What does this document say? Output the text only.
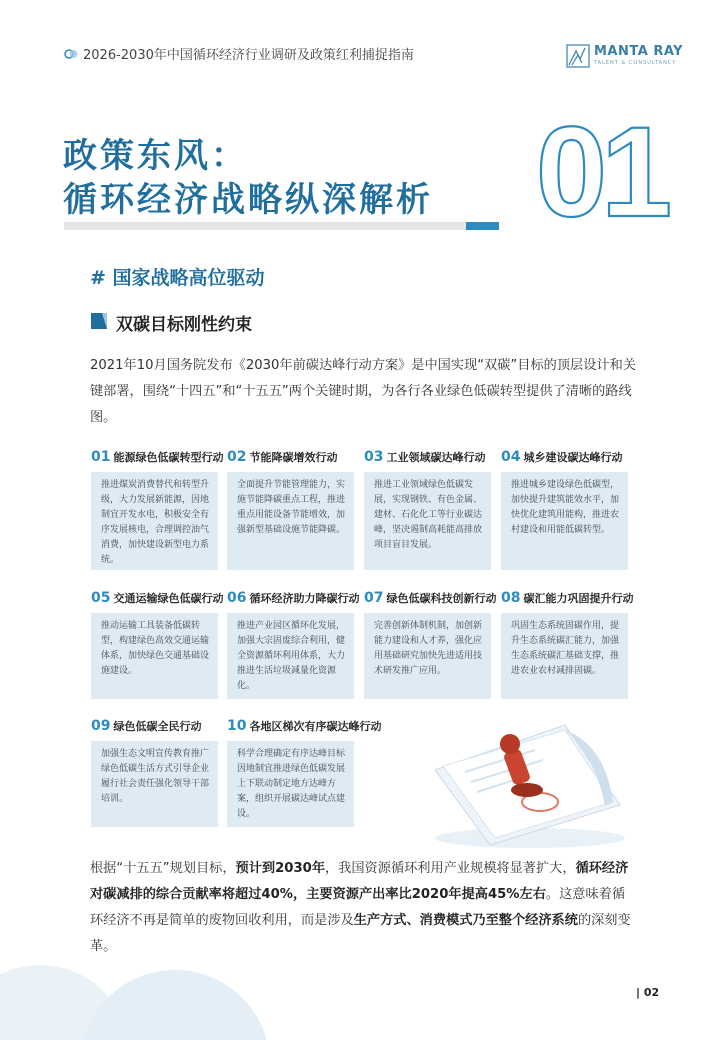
2026-2030年中国循环经济行业调研及政策红利捕捉指南	MANTA RAY
TALENT & CONSULTANCY
政策东风：
循环经济战略纵深解析 01
# 国家战略高位驱动
双碳目标刚性约束
2021年10月国务院发布《2030年前碳达峰行动方案》是中国实现“双碳”目标的顶层设计和关键部署，围绕“十四五”和“十五五”两个关键时期，为各行各业绿色低碳转型提供了清晰的路线图。
01 能源绿色低碳转型行动
推进煤炭消费替代和转型升级，大力发展新能源，因地制宜开发水电，积极安全有序发展核电，合理调控油气消费，加快建设新型电力系统。
02 节能降碳增效行动
全面提升节能管理能力，实施节能降碳重点工程，推进重点用能设备节能增效，加强新型基础设施节能降碳。
03 工业领域碳达峰行动
推进工业领域绿色低碳发展，实现钢铁、有色金属、建材、石化化工等行业碳达峰，坚决遏制高耗能高排放项目盲目发展。
04 城乡建设碳达峰行动
推进城乡建设绿色低碳型，加快提升建筑能效水平，加快优化建筑用能构，推进农村建设和用能低碳转型。
05 交通运输绿色低碳行动
推动运输工具装备低碳转型，构建绿色高效交通运输体系，加快绿色交通基础设施建设。
06 循环经济助力降碳行动
推进产业园区循环化发展，加强大宗固废综合利用，健全资源循环利用体系，大力推进生活垃圾减量化资源化。
07 绿色低碳科技创新行动
完善创新体制机制，加创新能力建设和人才养，强化应用基础研究加快先进适用技术研发推广应用。
08 碳汇能力巩固提升行动
巩固生态系统固碳作用，提升生态系统碳汇能力，加强生态系统碳汇基础支撑，推进农业农村减排固碳。
09 绿色低碳全民行动
加强生态文明宣传教育推广绿色低碳生活方式引导企业履行社会责任强化领导干部培训。
10 各地区梯次有序碳达峰行动
科学合理确定有序达峰目标因地制宜推进绿色低碳发展上下联动制定地方达峰方案，组织开展碳达峰试点建设。
根据“十五五”规划目标，预计到2030年，我国资源循环利用产业规模将显著扩大，循环经济对碳减排的综合贡献率将超过40%，主要资源产出率比2020年提高45%左右。这意味着循环经济不再是简单的废物回收利用，而是涉及生产方式、消费模式乃至整个经济系统的深刻变革。
| 02
